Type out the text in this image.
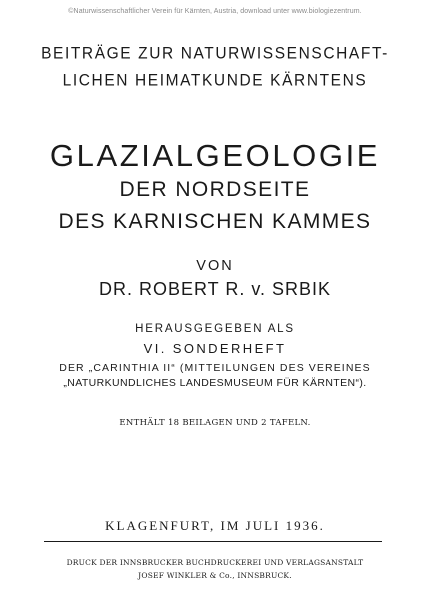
©Naturwissenschaftlicher Verein für Kärnten, Austria, download unter www.biologiezentrum.
BEITRÄGE ZUR NATURWISSENSCHAFT-
LICHEN HEIMATKUNDE KÄRNTENS
GLAZIALGEOLOGIE
DER NORDSEITE
DES KARNISCHEN KAMMES
VON
DR. ROBERT R. v. SRBIK
HERAUSGEGEBEN ALS
VI. SONDERHEFT
DER „CARINTHIA II“ (MITTEILUNGEN DES VEREINES
„NATURKUNDLICHES LANDESMUSEUM FÜR KÄRNTEN“).
ENTHÄLT 18 BEILAGEN UND 2 TAFELN.
KLAGENFURT, IM JULI 1936.
DRUCK DER INNSBRUCKER BUCHDRUCKEREI UND VERLAGSANSTALT
JOSEF WINKLER & Co., INNSBRUCK.
